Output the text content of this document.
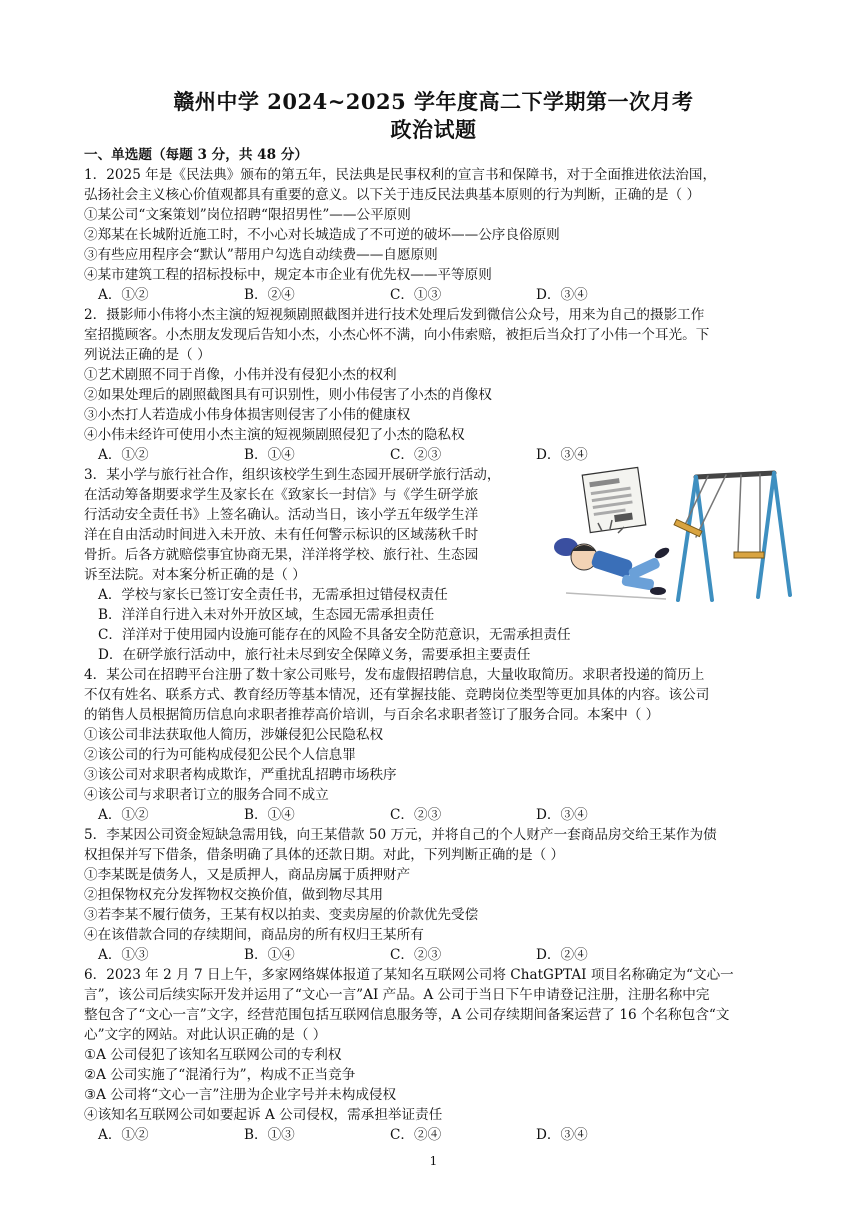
赣州中学 2024~2025 学年度高二下学期第一次月考
政治试题

一、单选题（每题 3 分，共 48 分）

1．2025 年是《民法典》颁布的第五年，民法典是民事权利的宣言书和保障书，对于全面推进依法治国，

弘扬社会主义核心价值观都具有重要的意义。以下关于违反民法典基本原则的行为判断，正确的是（ ）

①某公司“文案策划”岗位招聘“限招男性”——公平原则

②郑某在长城附近施工时，不小心对长城造成了不可逆的破坏——公序良俗原则

③有些应用程序会“默认”帮用户勾选自动续费——自愿原则

④某市建筑工程的招标投标中，规定本市企业有优先权——平等原则

A．①②	B．②④	C．①③	D．③④

2．摄影师小伟将小杰主演的短视频剧照截图并进行技术处理后发到微信公众号，用来为自己的摄影工作

室招揽顾客。小杰朋友发现后告知小杰，小杰心怀不满，向小伟索赔，被拒后当众打了小伟一个耳光。下

列说法正确的是（ ）

①艺术剧照不同于肖像，小伟并没有侵犯小杰的权利

②如果处理后的剧照截图具有可识别性，则小伟侵害了小杰的肖像权

③小杰打人若造成小伟身体损害则侵害了小伟的健康权

④小伟未经许可使用小杰主演的短视频剧照侵犯了小杰的隐私权

A．①②	B．①④	C．②③	D．③④

3．某小学与旅行社合作，组织该校学生到生态园开展研学旅行活动，

在活动筹备期要求学生及家长在《致家长一封信》与《学生研学旅

行活动安全责任书》上签名确认。活动当日，该小学五年级学生洋

洋在自由活动时间进入未开放、未有任何警示标识的区域荡秋千时

骨折。后各方就赔偿事宜协商无果，洋洋将学校、旅行社、生态园

诉至法院。对本案分析正确的是（ ）

A．学校与家长已签订安全责任书，无需承担过错侵权责任

B．洋洋自行进入未对外开放区域，生态园无需承担责任

C．洋洋对于使用园内设施可能存在的风险不具备安全防范意识，无需承担责任

D．在研学旅行活动中，旅行社未尽到安全保障义务，需要承担主要责任

4．某公司在招聘平台注册了数十家公司账号，发布虚假招聘信息，大量收取简历。求职者投递的简历上

不仅有姓名、联系方式、教育经历等基本情况，还有掌握技能、竞聘岗位类型等更加具体的内容。该公司

的销售人员根据简历信息向求职者推荐高价培训，与百余名求职者签订了服务合同。本案中（ ）

①该公司非法获取他人简历，涉嫌侵犯公民隐私权

②该公司的行为可能构成侵犯公民个人信息罪

③该公司对求职者构成欺诈，严重扰乱招聘市场秩序

④该公司与求职者订立的服务合同不成立

A．①②	B．①④	C．②③	D．③④

5．李某因公司资金短缺急需用钱，向王某借款 50 万元，并将自己的个人财产一套商品房交给王某作为债

权担保并写下借条，借条明确了具体的还款日期。对此，下列判断正确的是（ ）

①李某既是债务人，又是质押人，商品房属于质押财产

②担保物权充分发挥物权交换价值，做到物尽其用

③若李某不履行债务，王某有权以拍卖、变卖房屋的价款优先受偿

④在该借款合同的存续期间，商品房的所有权归王某所有

A．①③	B．①④	C．②③	D．②④

6．2023 年 2 月 7 日上午，多家网络媒体报道了某知名互联网公司将 ChatGPTAI 项目名称确定为“文心一

言”，该公司后续实际开发并运用了“文心一言”AI 产品。A 公司于当日下午申请登记注册，注册名称中完

整包含了“文心一言”文字，经营范围包括互联网信息服务等，A 公司存续期间备案运营了 16 个名称包含“文

心”文字的网站。对此认识正确的是（ ）

①A 公司侵犯了该知名互联网公司的专利权

②A 公司实施了“混淆行为”，构成不正当竞争

③A 公司将“文心一言”注册为企业字号并未构成侵权

④该知名互联网公司如要起诉 A 公司侵权，需承担举证责任

A．①②	B．①③	C．②④	D．③④
1
